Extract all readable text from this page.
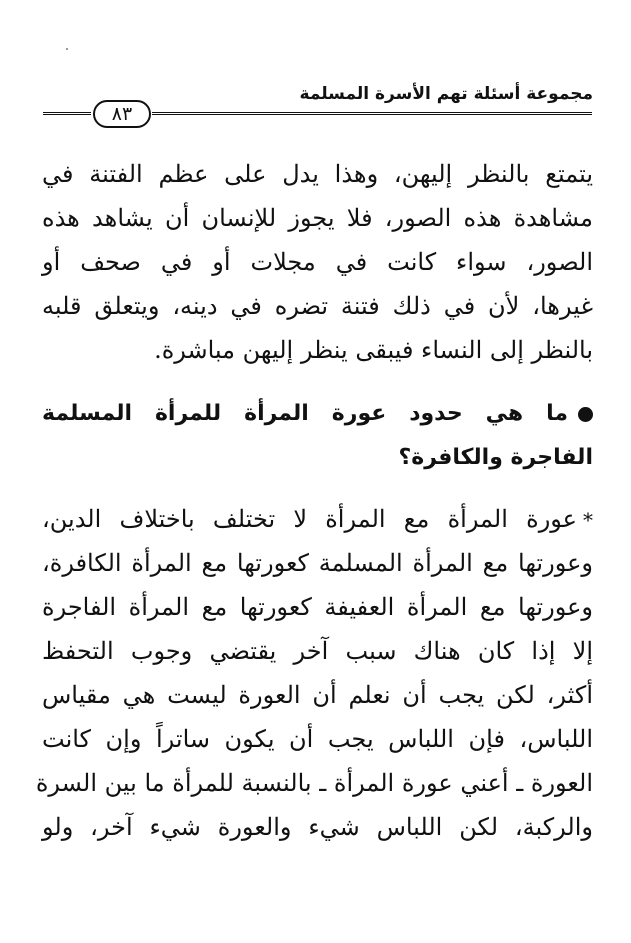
مجموعة أسئلة تهم الأسرة المسلمة
٨٣
يتمتع بالنظر إليهن، وهذا يدل على عظم الفتنة في
مشاهدة هذه الصور، فلا يجوز للإنسان أن يشاهد هذه
الصور، سواء كانت في مجلات أو في صحف أو
غيرها، لأن في ذلك فتنة تضره في دينه، ويتعلق قلبه
بالنظر إلى النساء فيبقى ينظر إليهن مباشرة.
ما هي حدود عورة المرأة للمرأة المسلمة
الفاجرة والكافرة؟
*عورة المرأة مع المرأة لا تختلف باختلاف الدين،
وعورتها مع المرأة المسلمة كعورتها مع المرأة الكافرة،
وعورتها مع المرأة العفيفة كعورتها مع المرأة الفاجرة
إلا إذا كان هناك سبب آخر يقتضي وجوب التحفظ
أكثر، لكن يجب أن نعلم أن العورة ليست هي مقياس
اللباس، فإن اللباس يجب أن يكون ساتراً وإن كانت
العورة ـ أعني عورة المرأة ـ بالنسبة للمرأة ما بين السرة
والركبة، لكن اللباس شيء والعورة شيء آخر، ولو
